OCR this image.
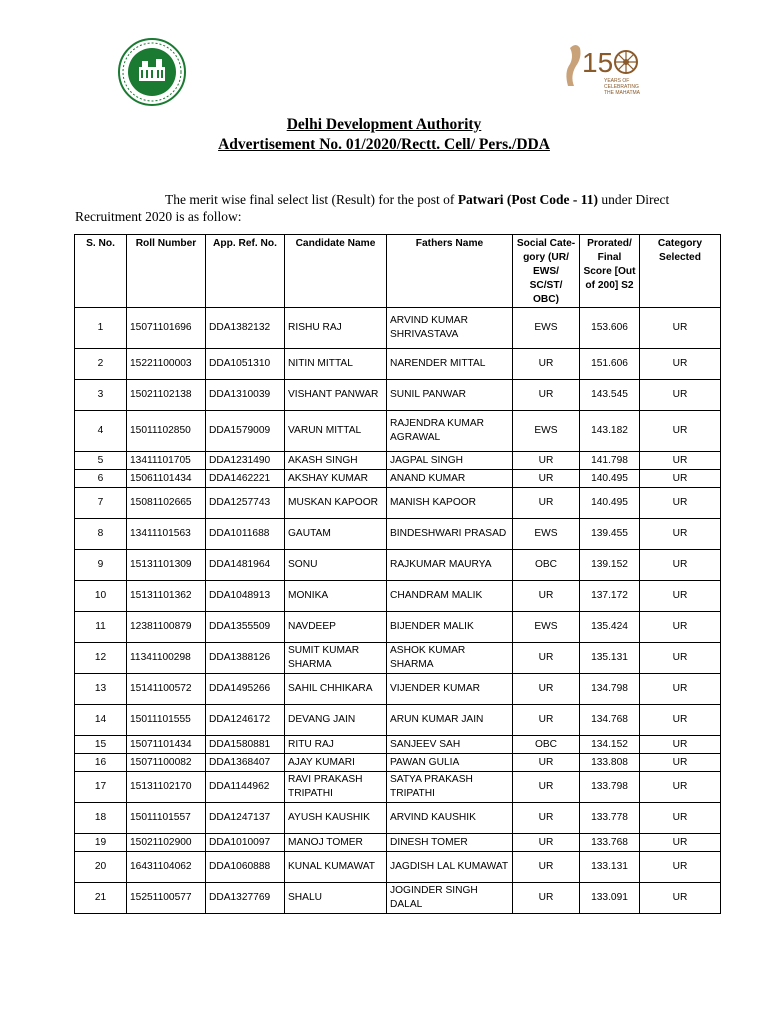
15
YEARS OF
CELEBRATING
THE MAHATMA
Delhi Development Authority
Advertisement No. 01/2020/Rectt. Cell/ Pers./DDA
The merit wise final select list (Result) for the post of Patwari (Post Code - 11) under Direct Recruitment 2020 is as follow:
S. No.	Roll Number	App. Ref. No.	Candidate Name	Fathers Name	Social Cate-gory (UR/ EWS/ SC/ST/ OBC)	Prorated/ Final Score [Out of 200] S2	Category Selected
1	15071101696	DDA1382132	RISHU RAJ	ARVIND KUMAR SHRIVASTAVA	EWS	153.606	UR
2	15221100003	DDA1051310	NITIN MITTAL	NARENDER MITTAL	UR	151.606	UR
3	15021102138	DDA1310039	VISHANT PANWAR	SUNIL PANWAR	UR	143.545	UR
4	15011102850	DDA1579009	VARUN MITTAL	RAJENDRA KUMAR AGRAWAL	EWS	143.182	UR
5	13411101705	DDA1231490	AKASH SINGH	JAGPAL SINGH	UR	141.798	UR
6	15061101434	DDA1462221	AKSHAY KUMAR	ANAND KUMAR	UR	140.495	UR
7	15081102665	DDA1257743	MUSKAN KAPOOR	MANISH KAPOOR	UR	140.495	UR
8	13411101563	DDA1011688	GAUTAM	BINDESHWARI PRASAD	EWS	139.455	UR
9	15131101309	DDA1481964	SONU	RAJKUMAR MAURYA	OBC	139.152	UR
10	15131101362	DDA1048913	MONIKA	CHANDRAM MALIK	UR	137.172	UR
11	12381100879	DDA1355509	NAVDEEP	BIJENDER MALIK	EWS	135.424	UR
12	11341100298	DDA1388126	SUMIT KUMAR SHARMA	ASHOK KUMAR SHARMA	UR	135.131	UR
13	15141100572	DDA1495266	SAHIL CHHIKARA	VIJENDER KUMAR	UR	134.798	UR
14	15011101555	DDA1246172	DEVANG JAIN	ARUN KUMAR JAIN	UR	134.768	UR
15	15071101434	DDA1580881	RITU RAJ	SANJEEV SAH	OBC	134.152	UR
16	15071100082	DDA1368407	AJAY KUMARI	PAWAN GULIA	UR	133.808	UR
17	15131102170	DDA1144962	RAVI PRAKASH TRIPATHI	SATYA PRAKASH TRIPATHI	UR	133.798	UR
18	15011101557	DDA1247137	AYUSH KAUSHIK	ARVIND KAUSHIK	UR	133.778	UR
19	15021102900	DDA1010097	MANOJ TOMER	DINESH TOMER	UR	133.768	UR
20	16431104062	DDA1060888	KUNAL KUMAWAT	JAGDISH LAL KUMAWAT	UR	133.131	UR
21	15251100577	DDA1327769	SHALU	JOGINDER SINGH DALAL	UR	133.091	UR
